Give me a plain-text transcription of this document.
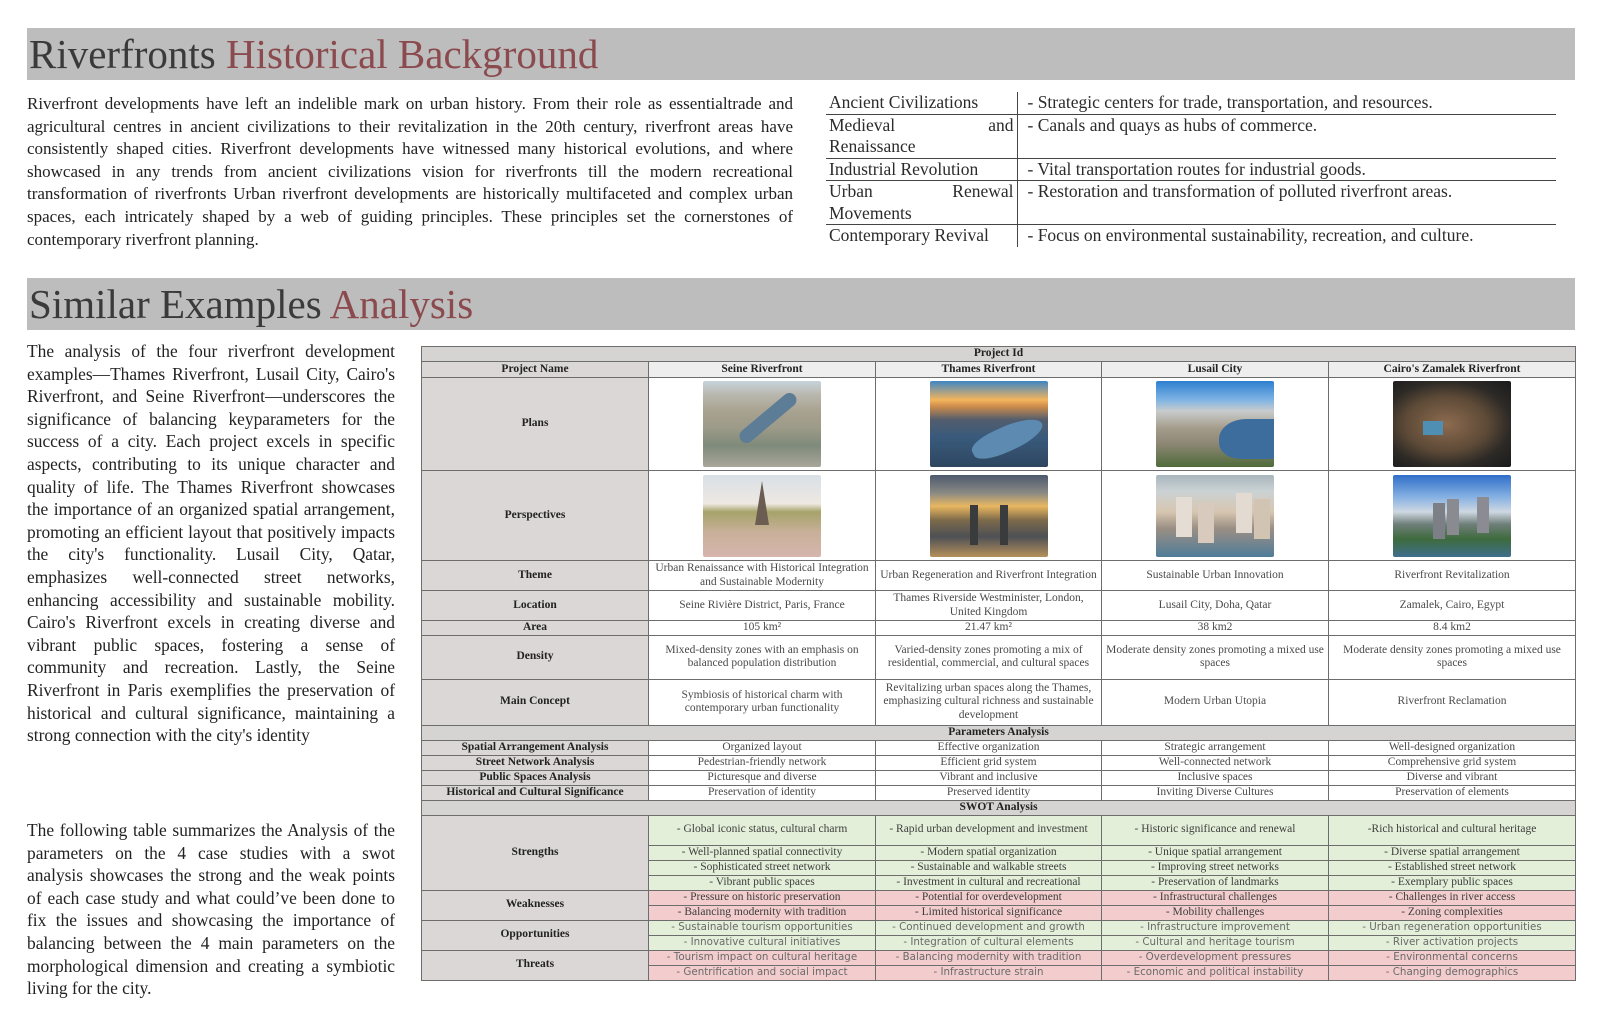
Riverfronts Historical Background

Riverfront developments have left an indelible mark on urban history. From their role as essentialtrade and agricultural centres in ancient civilizations to their revitalization in the 20th century, riverfront areas have consistently shaped cities. Riverfront developments have witnessed many historical evolutions, and where showcased in any trends from ancient civilizations vision for riverfronts till the modern recreational transformation of riverfronts Urban riverfront developments are historically multifaceted and complex urban spaces, each intricately shaped by a web of guiding principles. These principles set the cornerstones of contemporary riverfront planning.

Ancient Civilizations	- Strategic centers for trade, transportation, and resources.

Medieval and
Renaissance	- Canals and quays as hubs of commerce.
Industrial Revolution	- Vital transportation routes for industrial goods.

Urban Renewal
Movements	- Restoration and transformation of polluted riverfront areas.
Contemporary Revival	- Focus on environmental sustainability, recreation, and culture.
Similar Examples Analysis

The analysis of the four riverfront development examples—Thames Riverfront, Lusail City, Cairo's Riverfront, and Seine Riverfront—underscores the significance of balancing keyparameters for the success of a city. Each project excels in specific aspects, contributing to its unique character and quality of life. The Thames Riverfront showcases the importance of an organized spatial arrangement, promoting an efficient layout that positively impacts the city's functionality. Lusail City, Qatar, emphasizes well-connected street networks, enhancing accessibility and sustainable mobility. Cairo's Riverfront excels in creating diverse and vibrant public spaces, fostering a sense of community and recreation. Lastly, the Seine Riverfront in Paris exemplifies the preservation of historical and cultural significance, maintaining a strong connection with the city's identity

The following table summarizes the Analysis of the parameters on the 4 case studies with a swot analysis showcases the strong and the weak points of each case study and what could’ve been done to fix the issues and showcasing the importance of balancing between the 4 main parameters on the morphological dimension and creating a symbiotic living for the city.

Project Id				
Project Name	Seine Riverfront	Thames Riverfront	Lusail City	Cairo's Zamalek Riverfront
Plans				
Perspectives				
Theme	Urban Renaissance with Historical Integration and Sustainable Modernity	Urban Regeneration and Riverfront Integration	Sustainable Urban Innovation	Riverfront Revitalization
Location	Seine Rivière District, Paris, France	Thames Riverside Westminister, London, United Kingdom	Lusail City, Doha, Qatar	Zamalek, Cairo, Egypt
Area	105 km²	21.47 km²	38 km2	8.4 km2
Density	Mixed-density zones with an emphasis on balanced population distribution	Varied-density zones promoting a mix of residential, commercial, and cultural spaces	Moderate density zones promoting a mixed use spaces	Moderate density zones promoting a mixed use spaces
Main Concept	Symbiosis of historical charm with contemporary urban functionality	Revitalizing urban spaces along the Thames, emphasizing cultural richness and sustainable development	Modern Urban Utopia	Riverfront Reclamation
Parameters Analysis				
Spatial Arrangement Analysis	Organized layout	Effective organization	Strategic arrangement	Well-designed organization
Street Network Analysis	Pedestrian-friendly network	Efficient grid system	Well-connected network	Comprehensive grid system
Public Spaces Analysis	Picturesque and diverse	Vibrant and inclusive	Inclusive spaces	Diverse and vibrant
Historical and Cultural Significance	Preservation of identity	Preserved identity	Inviting Diverse Cultures	Preservation of elements
SWOT Analysis				
Strengths	- Global iconic status, cultural charm	- Rapid urban development and investment	- Historic significance and renewal	-Rich historical and cultural heritage
	- Well-planned spatial connectivity	- Modern spatial organization	- Unique spatial arrangement	- Diverse spatial arrangement
	- Sophisticated street network	- Sustainable and walkable streets	- Improving street networks	- Established street network
	- Vibrant public spaces	- Investment in cultural and recreational	- Preservation of landmarks	- Exemplary public spaces
Weaknesses	- Pressure on historic preservation	- Potential for overdevelopment	- Infrastructural challenges	- Challenges in river access
	- Balancing modernity with tradition	- Limited historical significance	- Mobility challenges	- Zoning complexities
Opportunities	- Sustainable tourism opportunities	- Continued development and growth	- Infrastructure improvement	- Urban regeneration opportunities
	- Innovative cultural initiatives	- Integration of cultural elements	- Cultural and heritage tourism	- River activation projects
Threats	- Tourism impact on cultural heritage	- Balancing modernity with tradition	- Overdevelopment pressures	- Environmental concerns
	- Gentrification and social impact	- Infrastructure strain	- Economic and political instability	- Changing demographics
